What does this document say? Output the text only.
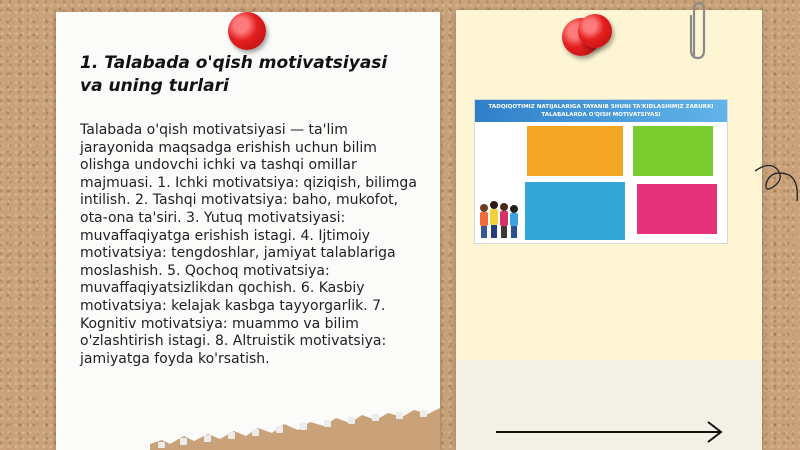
1. Talabada o'qish motivatsiyasi va uning turlari

Talabada o'qish motivatsiyasi — ta'lim jarayonida maqsadga erishish uchun bilim olishga undovchi ichki va tashqi omillar majmuasi. 1. Ichki motivatsiya: qiziqish, bilimga intilish. 2. Tashqi motivatsiya: baho, mukofot, ota-ona ta'siri. 3. Yutuq motivatsiyasi: muvaffaqiyatga erishish istagi. 4. Ijtimoiy motivatsiya: tengdoshlar, jamiyat talablariga moslashish. 5. Qochoq motivatsiya: muvaffaqiyatsizlikdan qochish. 6. Kasbiy motivatsiya: kelajak kasbga tayyorgarlik. 7. Kognitiv motivatsiya: muammo va bilim o'zlashtirish istagi. 8. Altruistik motivatsiya: jamiyatga foyda ko'rsatish.

TADQIQOTIMIZ NATIJALARIGA TAYANIB SHUNI TA'KIDLASHIMIZ ZARURKI TALABALARDA O'QISH MOTIVATSIYASI
